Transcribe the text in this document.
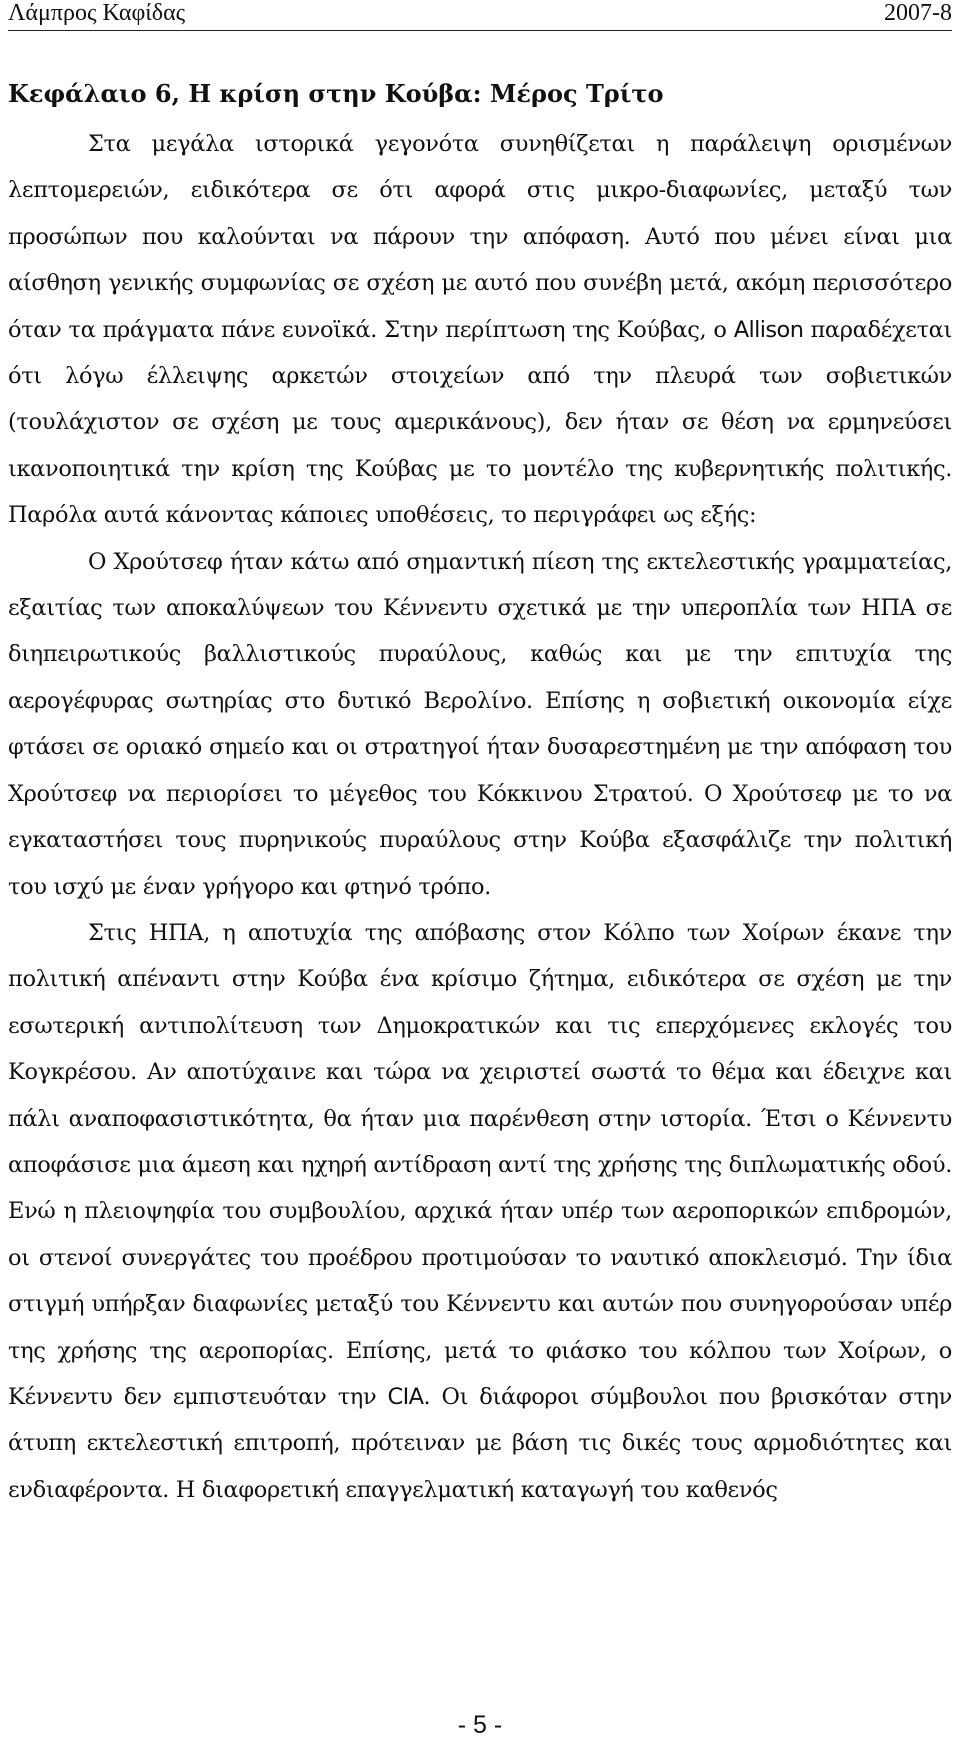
Λάμπρος Καφίδας	2007-8
Κεφάλαιο 6, Η κρίση στην Κούβα: Μέρος Τρίτο

Στα μεγάλα ιστορικά γεγονότα συνηθίζεται η παράλειψη ορισμένων λεπτομερειών, ειδικότερα σε ότι αφορά στις μικρο-διαφωνίες, μεταξύ των προσώπων που καλούνται να πάρουν την απόφαση. Αυτό που μένει είναι μια αίσθηση γενικής συμφωνίας σε σχέση με αυτό που συνέβη μετά, ακόμη περισσότερο όταν τα πράγματα πάνε ευνοϊκά. Στην περίπτωση της Κούβας, ο Allison παραδέχεται ότι λόγω έλλειψης αρκετών στοιχείων από την πλευρά των σοβιετικών (τουλάχιστον σε σχέση με τους αμερικάνους), δεν ήταν σε θέση να ερμηνεύσει ικανοποιητικά την κρίση της Κούβας με το μοντέλο της κυβερνητικής πολιτικής. Παρόλα αυτά κάνοντας κάποιες υποθέσεις, το περιγράφει ως εξής:

Ο Χρούτσεφ ήταν κάτω από σημαντική πίεση της εκτελεστικής γραμματείας, εξαιτίας των αποκαλύψεων του Κέννεντυ σχετικά με την υπεροπλία των ΗΠΑ σε διηπειρωτικούς βαλλιστικούς πυραύλους, καθώς και με την επιτυχία της αερογέφυρας σωτηρίας στο δυτικό Βερολίνο. Επίσης η σοβιετική οικονομία είχε φτάσει σε οριακό σημείο και οι στρατηγοί ήταν δυσαρεστημένη με την απόφαση του Χρούτσεφ να περιορίσει το μέγεθος του Κόκκινου Στρατού. Ο Χρούτσεφ με το να εγκαταστήσει τους πυρηνικούς πυραύλους στην Κούβα εξασφάλιζε την πολιτική του ισχύ με έναν γρήγορο και φτηνό τρόπο.

Στις ΗΠΑ, η αποτυχία της απόβασης στον Κόλπο των Χοίρων έκανε την πολιτική απέναντι στην Κούβα ένα κρίσιμο ζήτημα, ειδικότερα σε σχέση με την εσωτερική αντιπολίτευση των Δημοκρατικών και τις επερχόμενες εκλογές του Κογκρέσου. Αν αποτύχαινε και τώρα να χειριστεί σωστά το θέμα και έδειχνε και πάλι αναποφασιστικότητα, θα ήταν μια παρένθεση στην ιστορία. Έτσι ο Κέννεντυ αποφάσισε μια άμεση και ηχηρή αντίδραση αντί της χρήσης της διπλωματικής οδού. Ενώ η πλειοψηφία του συμβουλίου, αρχικά ήταν υπέρ των αεροπορικών επιδρομών, οι στενοί συνεργάτες του προέδρου προτιμούσαν το ναυτικό αποκλεισμό. Την ίδια στιγμή υπήρξαν διαφωνίες μεταξύ του Κέννεντυ και αυτών που συνηγορούσαν υπέρ της χρήσης της αεροπορίας. Επίσης, μετά το φιάσκο του κόλπου των Χοίρων, ο Κέννεντυ δεν εμπιστευόταν την CIA. Οι διάφοροι σύμβουλοι που βρισκόταν στην άτυπη εκτελεστική επιτροπή, πρότειναν με βάση τις δικές τους αρμοδιότητες και ενδιαφέροντα. Η διαφορετική επαγγελματική καταγωγή του καθενός

- 5 -
